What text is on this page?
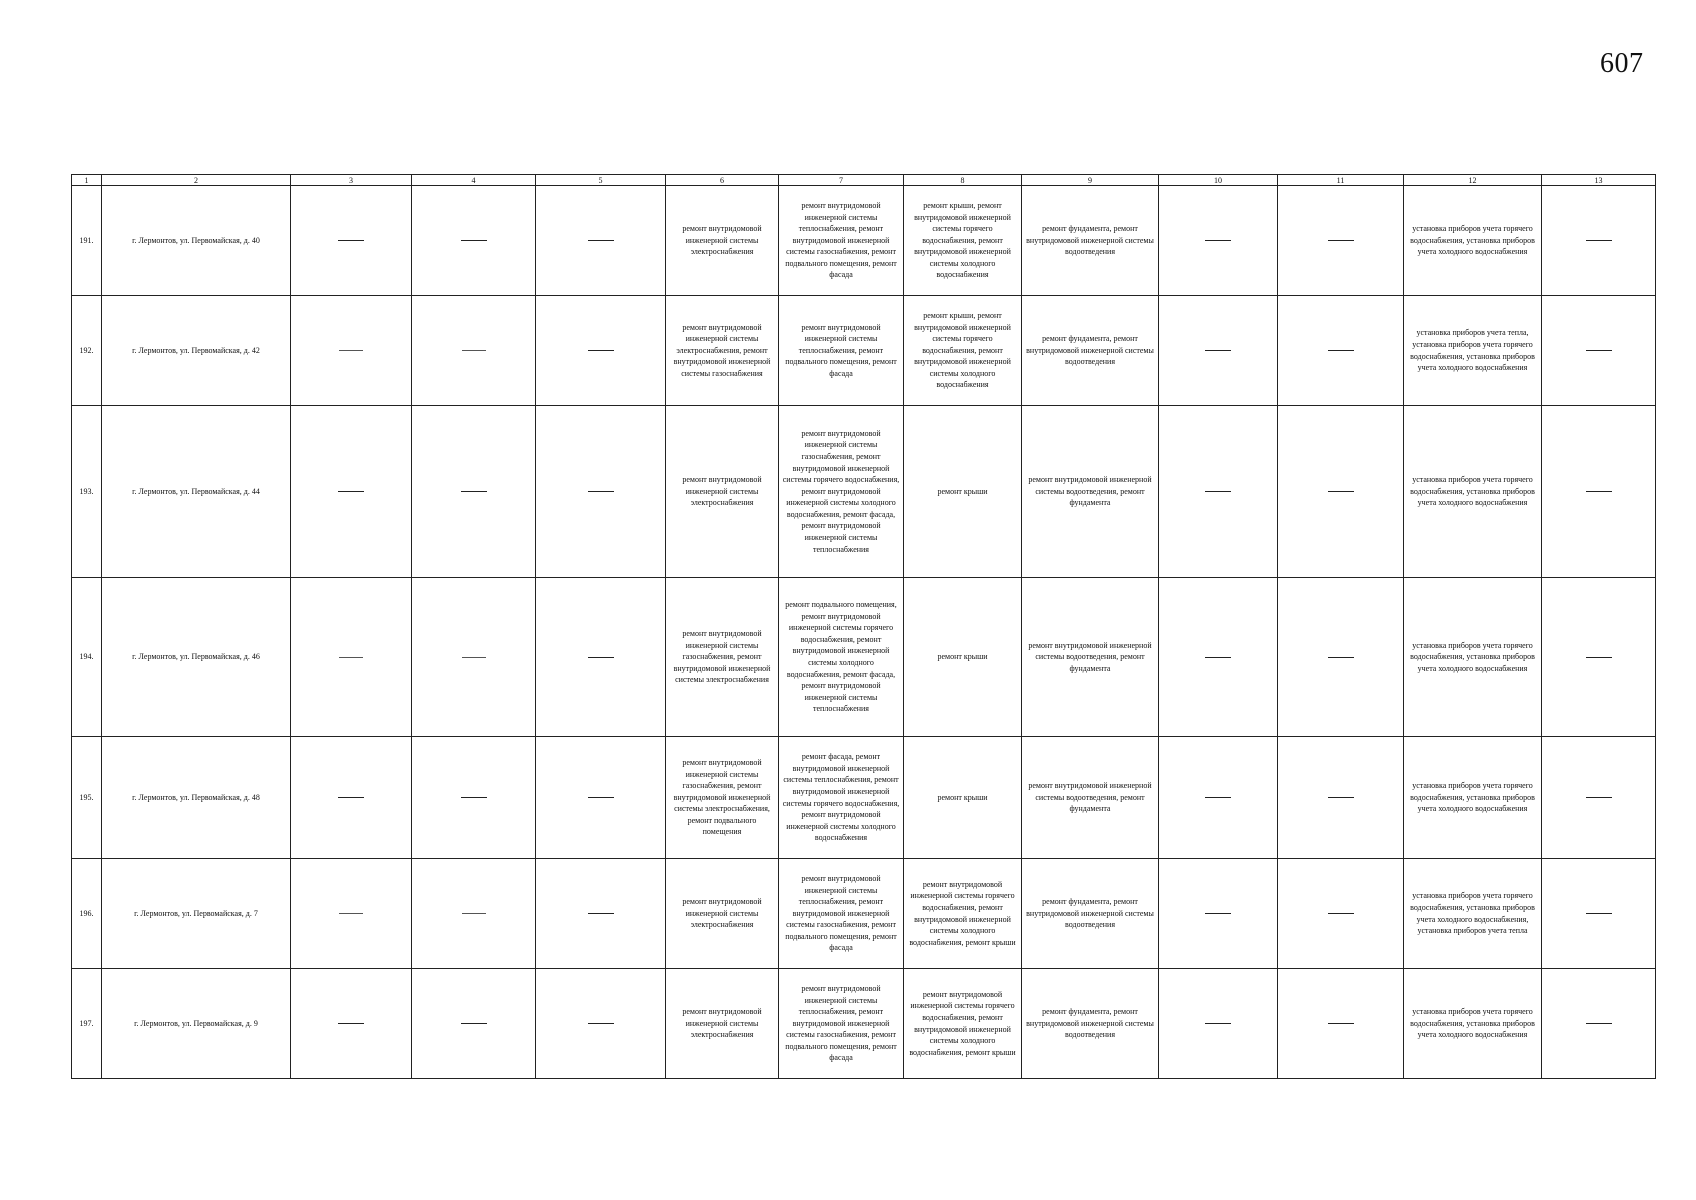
607
1	2	3	4	5	6	7	8	9	10	11	12	13
191.	г. Лермонтов, ул. Первомайская, д. 40				ремонт внутридомовой инженерной системы электроснабжения	ремонт внутридомовой инженерной системы теплоснабжения, ремонт внутридомовой инженерной системы газоснабжения, ремонт подвального помещения, ремонт фасада	ремонт крыши, ремонт внутридомовой инженерной системы горячего водоснабжения, ремонт внутридомовой инженерной системы холодного водоснабжения	ремонт фундамента, ремонт внутридомовой инженерной системы водоотведения			установка приборов учета горячего водоснабжения, установка приборов учета холодного водоснабжения	

192.	г. Лермонтов, ул. Первомайская, д. 42				ремонт внутридомовой инженерной системы электроснабжения, ремонт внутридомовой инженерной системы газоснабжения	ремонт внутридомовой инженерной системы теплоснабжения, ремонт подвального помещения, ремонт фасада	ремонт крыши, ремонт внутридомовой инженерной системы горячего водоснабжения, ремонт внутридомовой инженерной системы холодного водоснабжения	ремонт фундамента, ремонт внутридомовой инженерной системы водоотведения			установка приборов учета тепла, установка приборов учета горячего водоснабжения, установка приборов учета холодного водоснабжения	

193.	г. Лермонтов, ул. Первомайская, д. 44				ремонт внутридомовой инженерной системы электроснабжения	ремонт внутридомовой инженерной системы газоснабжения, ремонт внутридомовой инженерной системы горячего водоснабжения, ремонт внутридомовой инженерной системы холодного водоснабжения, ремонт фасада, ремонт внутридомовой инженерной системы теплоснабжения	ремонт крыши	ремонт внутридомовой инженерной системы водоотведения, ремонт фундамента			установка приборов учета горячего водоснабжения, установка приборов учета холодного водоснабжения	

194.	г. Лермонтов, ул. Первомайская, д. 46				ремонт внутридомовой инженерной системы газоснабжения, ремонт внутридомовой инженерной системы электроснабжения	ремонт подвального помещения, ремонт внутридомовой инженерной системы горячего водоснабжения, ремонт внутридомовой инженерной системы холодного водоснабжения, ремонт фасада, ремонт внутридомовой инженерной системы теплоснабжения	ремонт крыши	ремонт внутридомовой инженерной системы водоотведения, ремонт фундамента			установка приборов учета горячего водоснабжения, установка приборов учета холодного водоснабжения	

195.	г. Лермонтов, ул. Первомайская, д. 48				ремонт внутридомовой инженерной системы газоснабжения, ремонт внутридомовой инженерной системы электроснабжения, ремонт подвального помещения	ремонт фасада, ремонт внутридомовой инженерной системы теплоснабжения, ремонт внутридомовой инженерной системы горячего водоснабжения, ремонт внутридомовой инженерной системы холодного водоснабжения	ремонт крыши	ремонт внутридомовой инженерной системы водоотведения, ремонт фундамента			установка приборов учета горячего водоснабжения, установка приборов учета холодного водоснабжения	

196.	г. Лермонтов, ул. Первомайская, д. 7				ремонт внутридомовой инженерной системы электроснабжения	ремонт внутридомовой инженерной системы теплоснабжения, ремонт внутридомовой инженерной системы газоснабжения, ремонт подвального помещения, ремонт фасада	ремонт внутридомовой инженерной системы горячего водоснабжения, ремонт внутридомовой инженерной системы холодного водоснабжения, ремонт крыши	ремонт фундамента, ремонт внутридомовой инженерной системы водоотведения			установка приборов учета горячего водоснабжения, установка приборов учета холодного водоснабжения, установка приборов учета тепла	

197.	г. Лермонтов, ул. Первомайская, д. 9				ремонт внутридомовой инженерной системы электроснабжения	ремонт внутридомовой инженерной системы теплоснабжения, ремонт внутридомовой инженерной системы газоснабжения, ремонт подвального помещения, ремонт фасада	ремонт внутридомовой инженерной системы горячего водоснабжения, ремонт внутридомовой инженерной системы холодного водоснабжения, ремонт крыши	ремонт фундамента, ремонт внутридомовой инженерной системы водоотведения			установка приборов учета горячего водоснабжения, установка приборов учета холодного водоснабжения	
